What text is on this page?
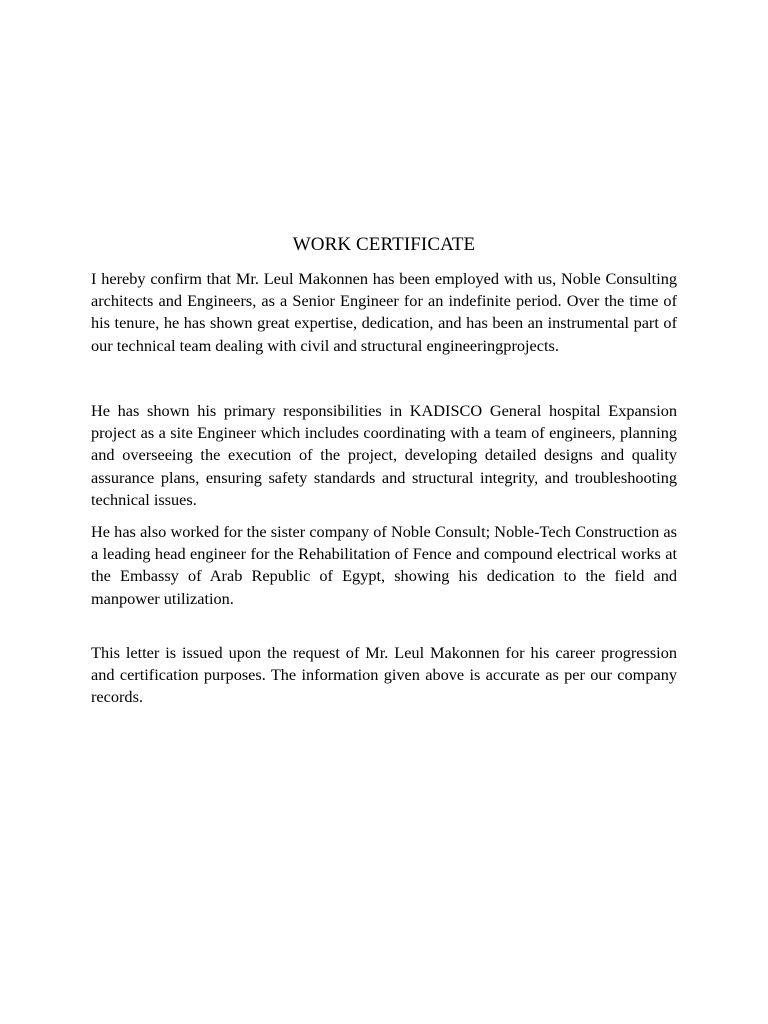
WORK CERTIFICATE

I hereby confirm that Mr. Leul Makonnen has been employed with us, Noble Consulting architects and Engineers, as a Senior Engineer for an indefinite period. Over the time of his tenure, he has shown great expertise, dedication, and has been an instrumental part of our technical team dealing with civil and structural engineeringprojects.

He has shown his primary responsibilities in KADISCO General hospital Expansion project as a site Engineer which includes coordinating with a team of engineers, planning and overseeing the execution of the project, developing detailed designs and quality assurance plans, ensuring safety standards and structural integrity, and troubleshooting technical issues.

He has also worked for the sister company of Noble Consult; Noble-Tech Construction as a leading head engineer for the Rehabilitation of Fence and compound electrical works at the Embassy of Arab Republic of Egypt, showing his dedication to the field and manpower utilization.

This letter is issued upon the request of Mr. Leul Makonnen for his career progression and certification purposes. The information given above is accurate as per our company records.
